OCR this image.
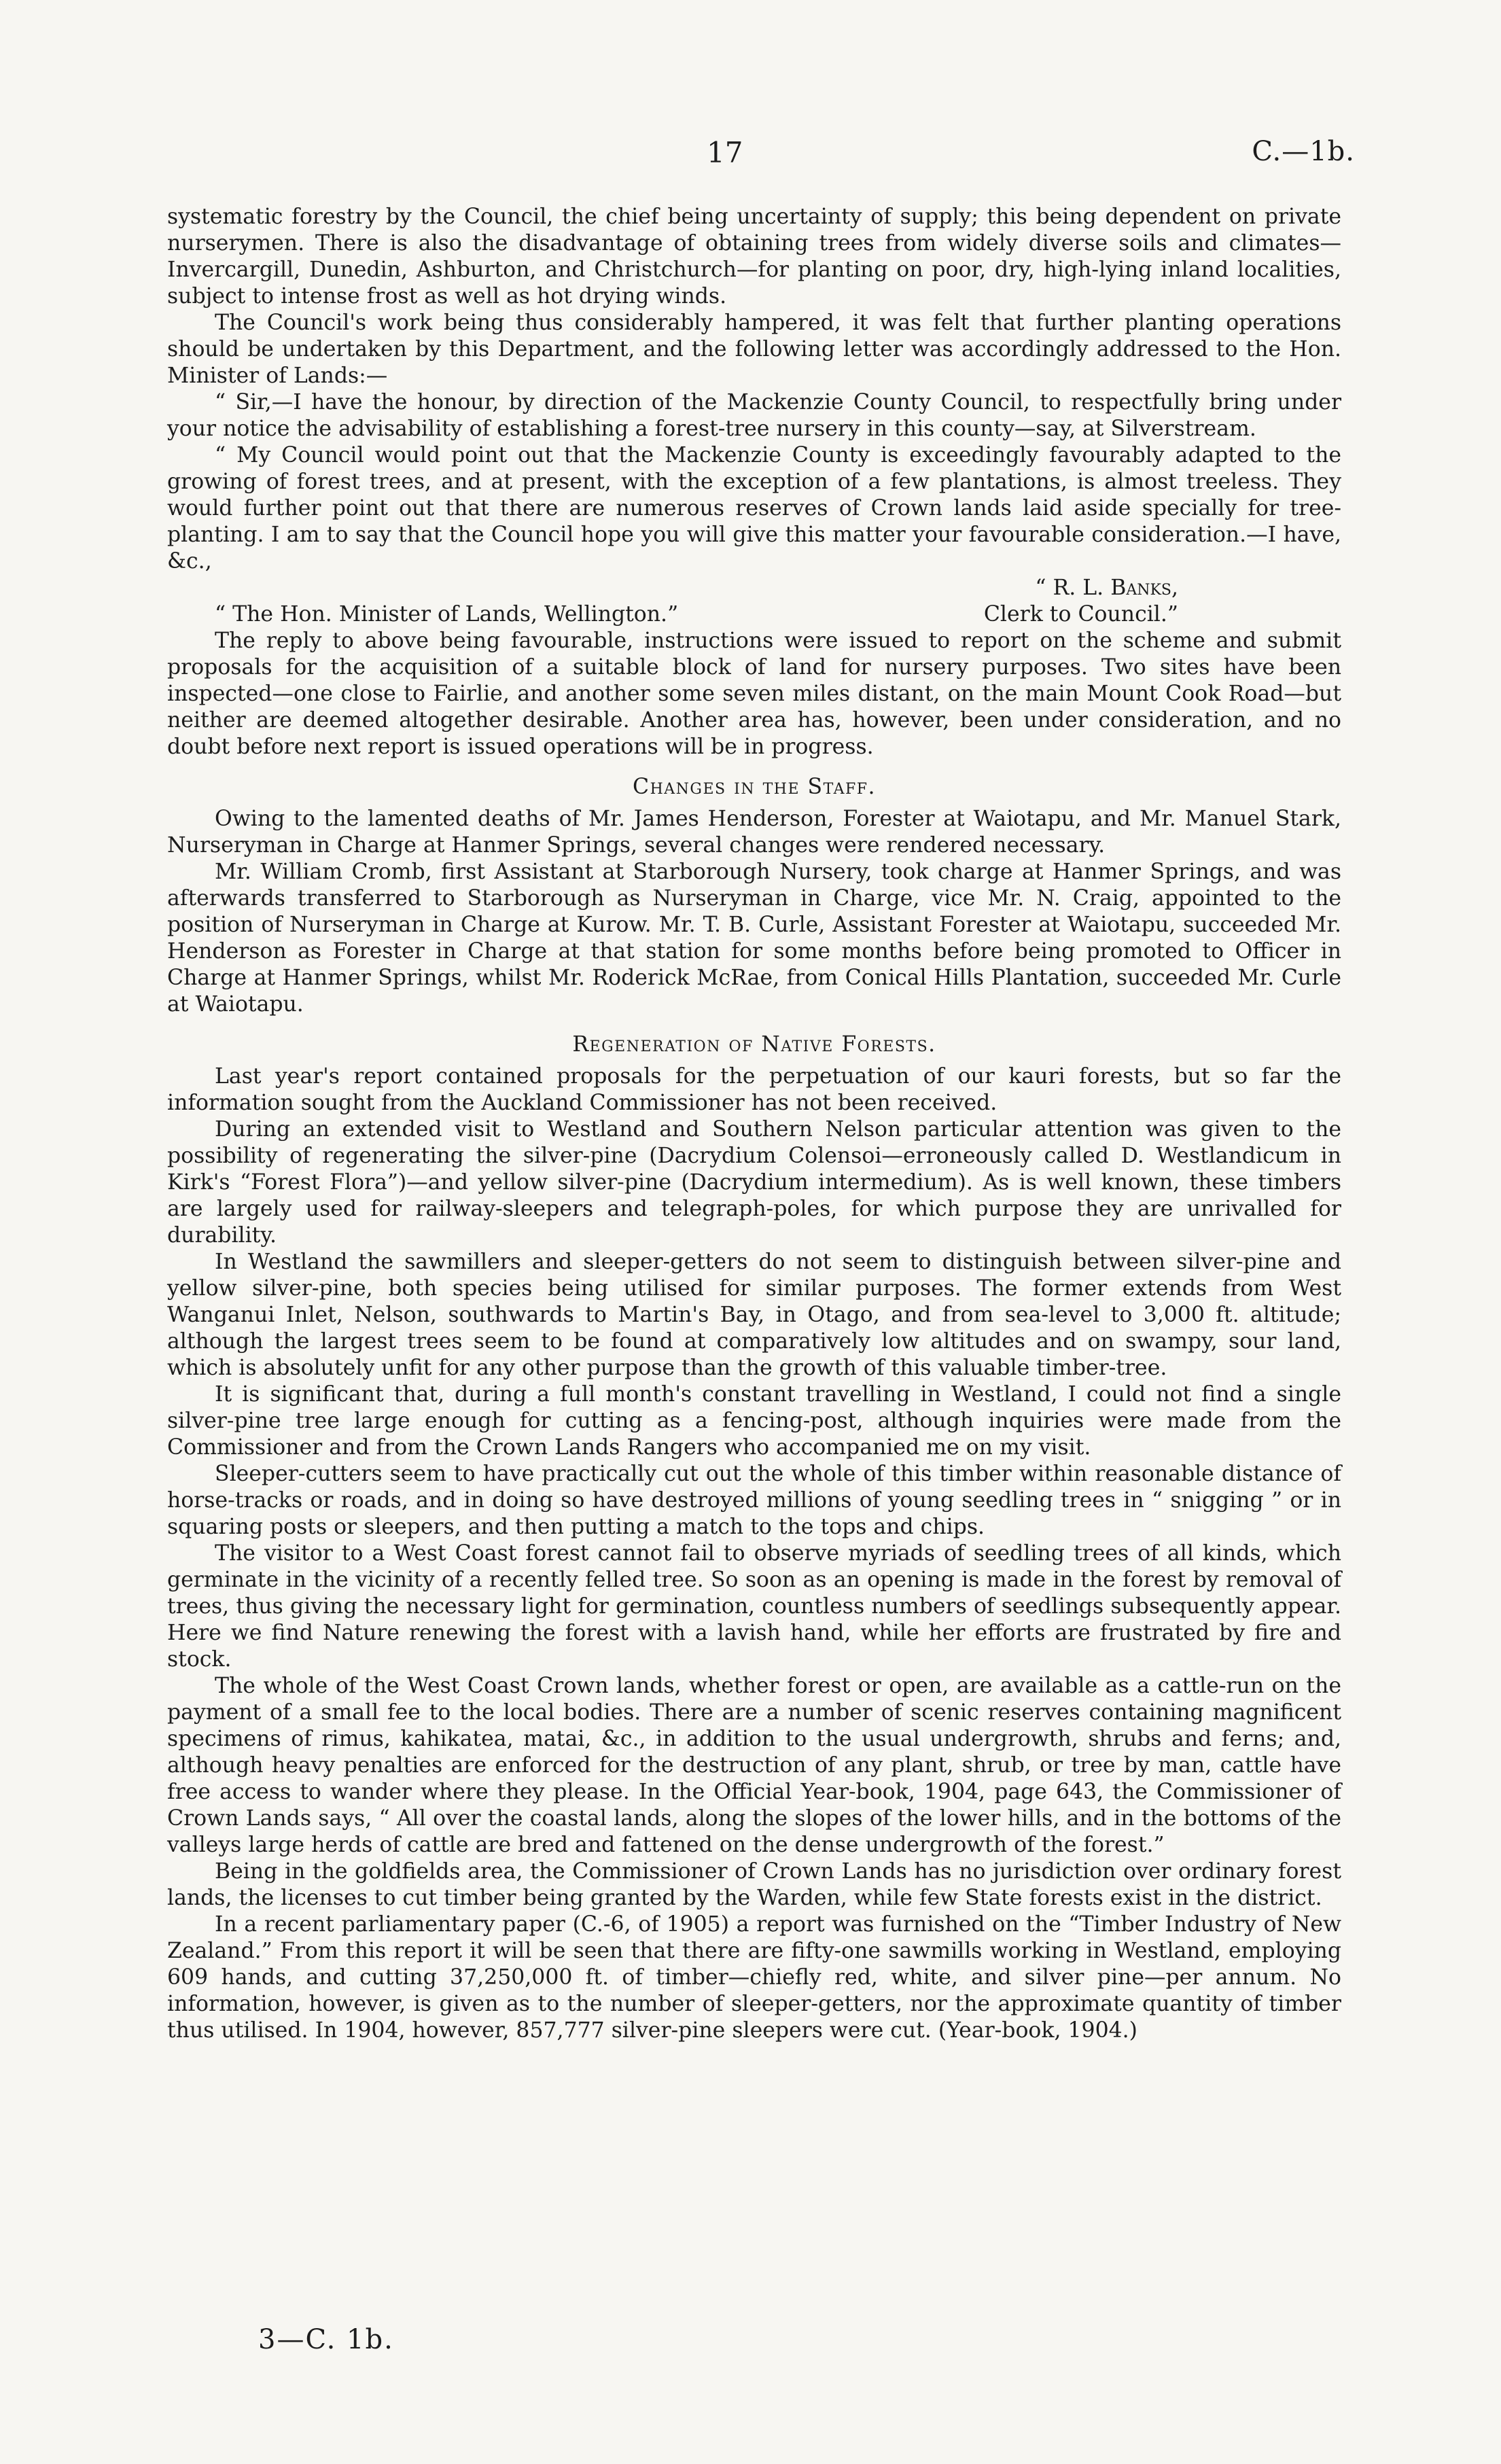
17	C.—1b.

systematic forestry by the Council, the chief being uncertainty of supply; this being dependent on private nurserymen. There is also the disadvantage of obtaining trees from widely diverse soils and climates—Invercargill, Dunedin, Ashburton, and Christchurch—for planting on poor, dry, high-lying inland localities, subject to intense frost as well as hot drying winds.

The Council's work being thus considerably hampered, it was felt that further planting operations should be undertaken by this Department, and the following letter was accordingly addressed to the Hon. Minister of Lands:—

“ Sir,—I have the honour, by direction of the Mackenzie County Council, to respectfully bring under your notice the advisability of establishing a forest-tree nursery in this county—say, at Silverstream.

“ My Council would point out that the Mackenzie County is exceedingly favourably adapted to the growing of forest trees, and at present, with the exception of a few plantations, is almost treeless. They would further point out that there are numerous reserves of Crown lands laid aside specially for tree-planting. I am to say that the Council hope you will give this matter your favourable consideration.—I have, &c.,

“ R. L. Banks,
“ The Hon. Minister of Lands, Wellington.”	Clerk to Council.”

The reply to above being favourable, instructions were issued to report on the scheme and submit proposals for the acquisition of a suitable block of land for nursery purposes. Two sites have been inspected—one close to Fairlie, and another some seven miles distant, on the main Mount Cook Road—but neither are deemed altogether desirable. Another area has, however, been under consideration, and no doubt before next report is issued operations will be in progress.

Changes in the Staff.

Owing to the lamented deaths of Mr. James Henderson, Forester at Waiotapu, and Mr. Manuel Stark, Nurseryman in Charge at Hanmer Springs, several changes were rendered necessary.

Mr. William Cromb, first Assistant at Starborough Nursery, took charge at Hanmer Springs, and was afterwards transferred to Starborough as Nurseryman in Charge, vice Mr. N. Craig, appointed to the position of Nurseryman in Charge at Kurow. Mr. T. B. Curle, Assistant Forester at Waiotapu, succeeded Mr. Henderson as Forester in Charge at that station for some months before being promoted to Officer in Charge at Hanmer Springs, whilst Mr. Roderick McRae, from Conical Hills Plantation, succeeded Mr. Curle at Waiotapu.

Regeneration of Native Forests.

Last year's report contained proposals for the perpetuation of our kauri forests, but so far the information sought from the Auckland Commissioner has not been received.

During an extended visit to Westland and Southern Nelson particular attention was given to the possibility of regenerating the silver-pine (Dacrydium Colensoi—erroneously called D. Westlandicum in Kirk's “Forest Flora”)—and yellow silver-pine (Dacrydium intermedium). As is well known, these timbers are largely used for railway-sleepers and telegraph-poles, for which purpose they are unrivalled for durability.

In Westland the sawmillers and sleeper-getters do not seem to distinguish between silver-pine and yellow silver-pine, both species being utilised for similar purposes. The former extends from West Wanganui Inlet, Nelson, southwards to Martin's Bay, in Otago, and from sea-level to 3,000 ft. altitude; although the largest trees seem to be found at comparatively low altitudes and on swampy, sour land, which is absolutely unfit for any other purpose than the growth of this valuable timber-tree.

It is significant that, during a full month's constant travelling in Westland, I could not find a single silver-pine tree large enough for cutting as a fencing-post, although inquiries were made from the Commissioner and from the Crown Lands Rangers who accompanied me on my visit.

Sleeper-cutters seem to have practically cut out the whole of this timber within reasonable distance of horse-tracks or roads, and in doing so have destroyed millions of young seedling trees in “ snigging ” or in squaring posts or sleepers, and then putting a match to the tops and chips.

The visitor to a West Coast forest cannot fail to observe myriads of seedling trees of all kinds, which germinate in the vicinity of a recently felled tree. So soon as an opening is made in the forest by removal of trees, thus giving the necessary light for germination, countless numbers of seedlings subsequently appear. Here we find Nature renewing the forest with a lavish hand, while her efforts are frustrated by fire and stock.

The whole of the West Coast Crown lands, whether forest or open, are available as a cattle-run on the payment of a small fee to the local bodies. There are a number of scenic reserves containing magnificent specimens of rimus, kahikatea, matai, &c., in addition to the usual undergrowth, shrubs and ferns; and, although heavy penalties are enforced for the destruction of any plant, shrub, or tree by man, cattle have free access to wander where they please. In the Official Year-book, 1904, page 643, the Commissioner of Crown Lands says, “ All over the coastal lands, along the slopes of the lower hills, and in the bottoms of the valleys large herds of cattle are bred and fattened on the dense undergrowth of the forest.”

Being in the goldfields area, the Commissioner of Crown Lands has no jurisdiction over ordinary forest lands, the licenses to cut timber being granted by the Warden, while few State forests exist in the district.

In a recent parliamentary paper (C.-6, of 1905) a report was furnished on the “Timber Industry of New Zealand.” From this report it will be seen that there are fifty-one sawmills working in Westland, employing 609 hands, and cutting 37,250,000 ft. of timber—chiefly red, white, and silver pine—per annum. No information, however, is given as to the number of sleeper-getters, nor the approximate quantity of timber thus utilised. In 1904, however, 857,777 silver-pine sleepers were cut. (Year-book, 1904.)

3—C. 1b.
